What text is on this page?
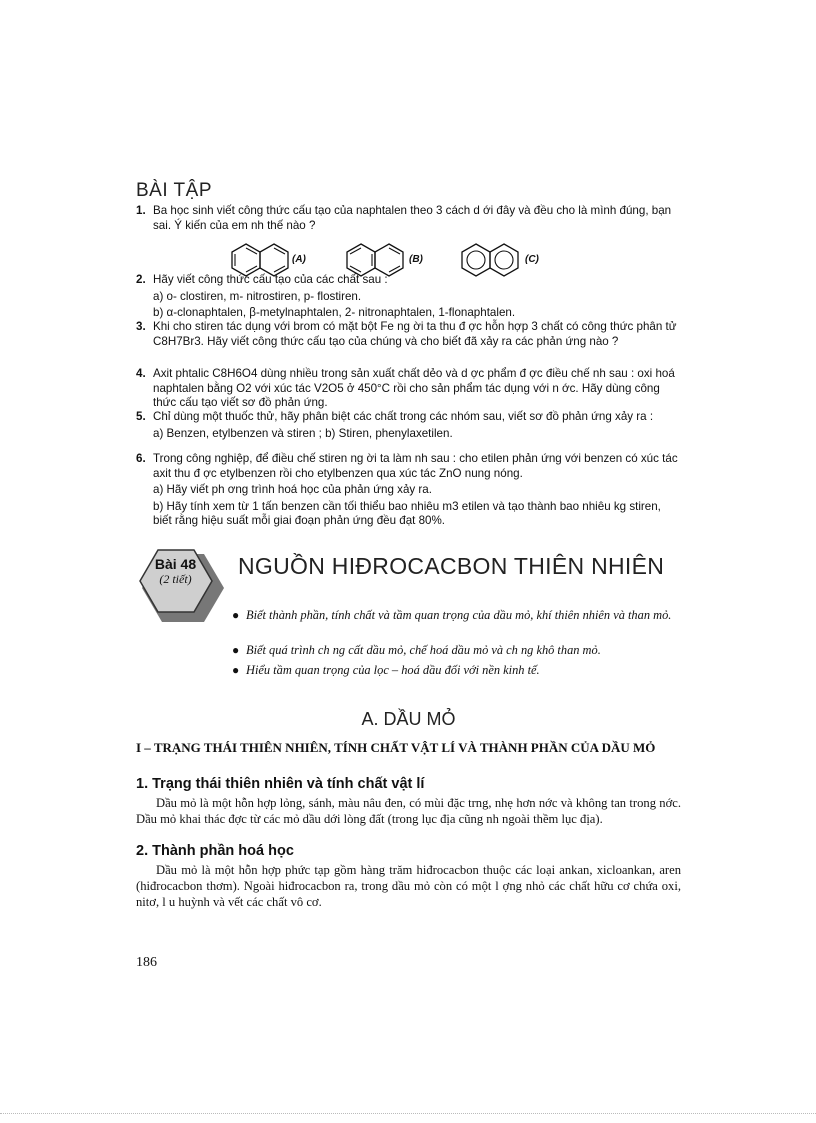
BÀI TẬP
1. Ba học sinh viết công thức cấu tạo của naphtalen theo 3 cách d ới đây và đều cho là mình đúng, bạn sai. Ý kiến của em nh thế nào ?
(A)	(B)	(C)
2. Hãy viết công thức cấu tạo của các chất sau :
a) o- clostiren, m- nitrostiren, p- flostiren.
b) α-clonaphtalen, β-metylnaphtalen, 2- nitronaphtalen, 1-flonaphtalen.
3. Khi cho stiren tác dụng với brom có mặt bột Fe ng ời ta thu đ ợc hỗn hợp 3 chất có công thức phân tử C8H7Br3. Hãy viết công thức cấu tạo của chúng và cho biết đã xảy ra các phản ứng nào ?
4. Axit phtalic C8H6O4 dùng nhiều trong sản xuất chất dẻo và d ợc phẩm đ ợc điều chế nh sau : oxi hoá naphtalen bằng O2 với xúc tác V2O5 ở 450°C rồi cho sản phẩm tác dụng với n ớc. Hãy dùng công thức cấu tạo viết sơ đồ phản ứng.
5. Chỉ dùng một thuốc thử, hãy phân biệt các chất trong các nhóm sau, viết sơ đồ phản ứng xảy ra :
a) Benzen, etylbenzen và stiren ; b) Stiren, phenylaxetilen.
6. Trong công nghiệp, để điều chế stiren ng ời ta làm nh sau : cho etilen phản ứng với benzen có xúc tác axit thu đ ợc etylbenzen rồi cho etylbenzen qua xúc tác ZnO nung nóng.
a) Hãy viết ph ơng trình hoá học của phản ứng xảy ra.
b) Hãy tính xem từ 1 tấn benzen cần tối thiểu bao nhiêu m3 etilen và tạo thành bao nhiêu kg stiren, biết rằng hiệu suất mỗi giai đoạn phản ứng đều đạt 80%.
Bài 48
(2 tiết)	NGUỒN HIĐROCACBON THIÊN NHIÊN
● Biết thành phần, tính chất và tầm quan trọng của dầu mỏ, khí thiên nhiên và than mỏ.
● Biết quá trình ch ng cất dầu mỏ, chế hoá dầu mỏ và ch ng khô than mỏ.
● Hiểu tầm quan trọng của lọc – hoá dầu đối với nền kinh tế.
A. DẦU MỎ
I – TRẠNG THÁI THIÊN NHIÊN, TÍNH CHẤT VẬT LÍ VÀ THÀNH PHẦN CỦA DẦU MỎ
1. Trạng thái thiên nhiên và tính chất vật lí
Dầu mỏ là một hỗn hợp lỏng, sánh, màu nâu đen, có mùi đặc trng, nhẹ hơn nớc và không tan trong nớc. Dầu mỏ khai thác đợc từ các mỏ dầu dới lòng đất (trong lục địa cũng nh ngoài thềm lục địa).
2. Thành phần hoá học
Dầu mỏ là một hỗn hợp phức tạp gồm hàng trăm hiđrocacbon thuộc các loại ankan, xicloankan, aren (hiđrocacbon thơm). Ngoài hiđrocacbon ra, trong dầu mỏ còn có một l ợng nhỏ các chất hữu cơ chứa oxi, nitơ, l u huỳnh và vết các chất vô cơ.
186
